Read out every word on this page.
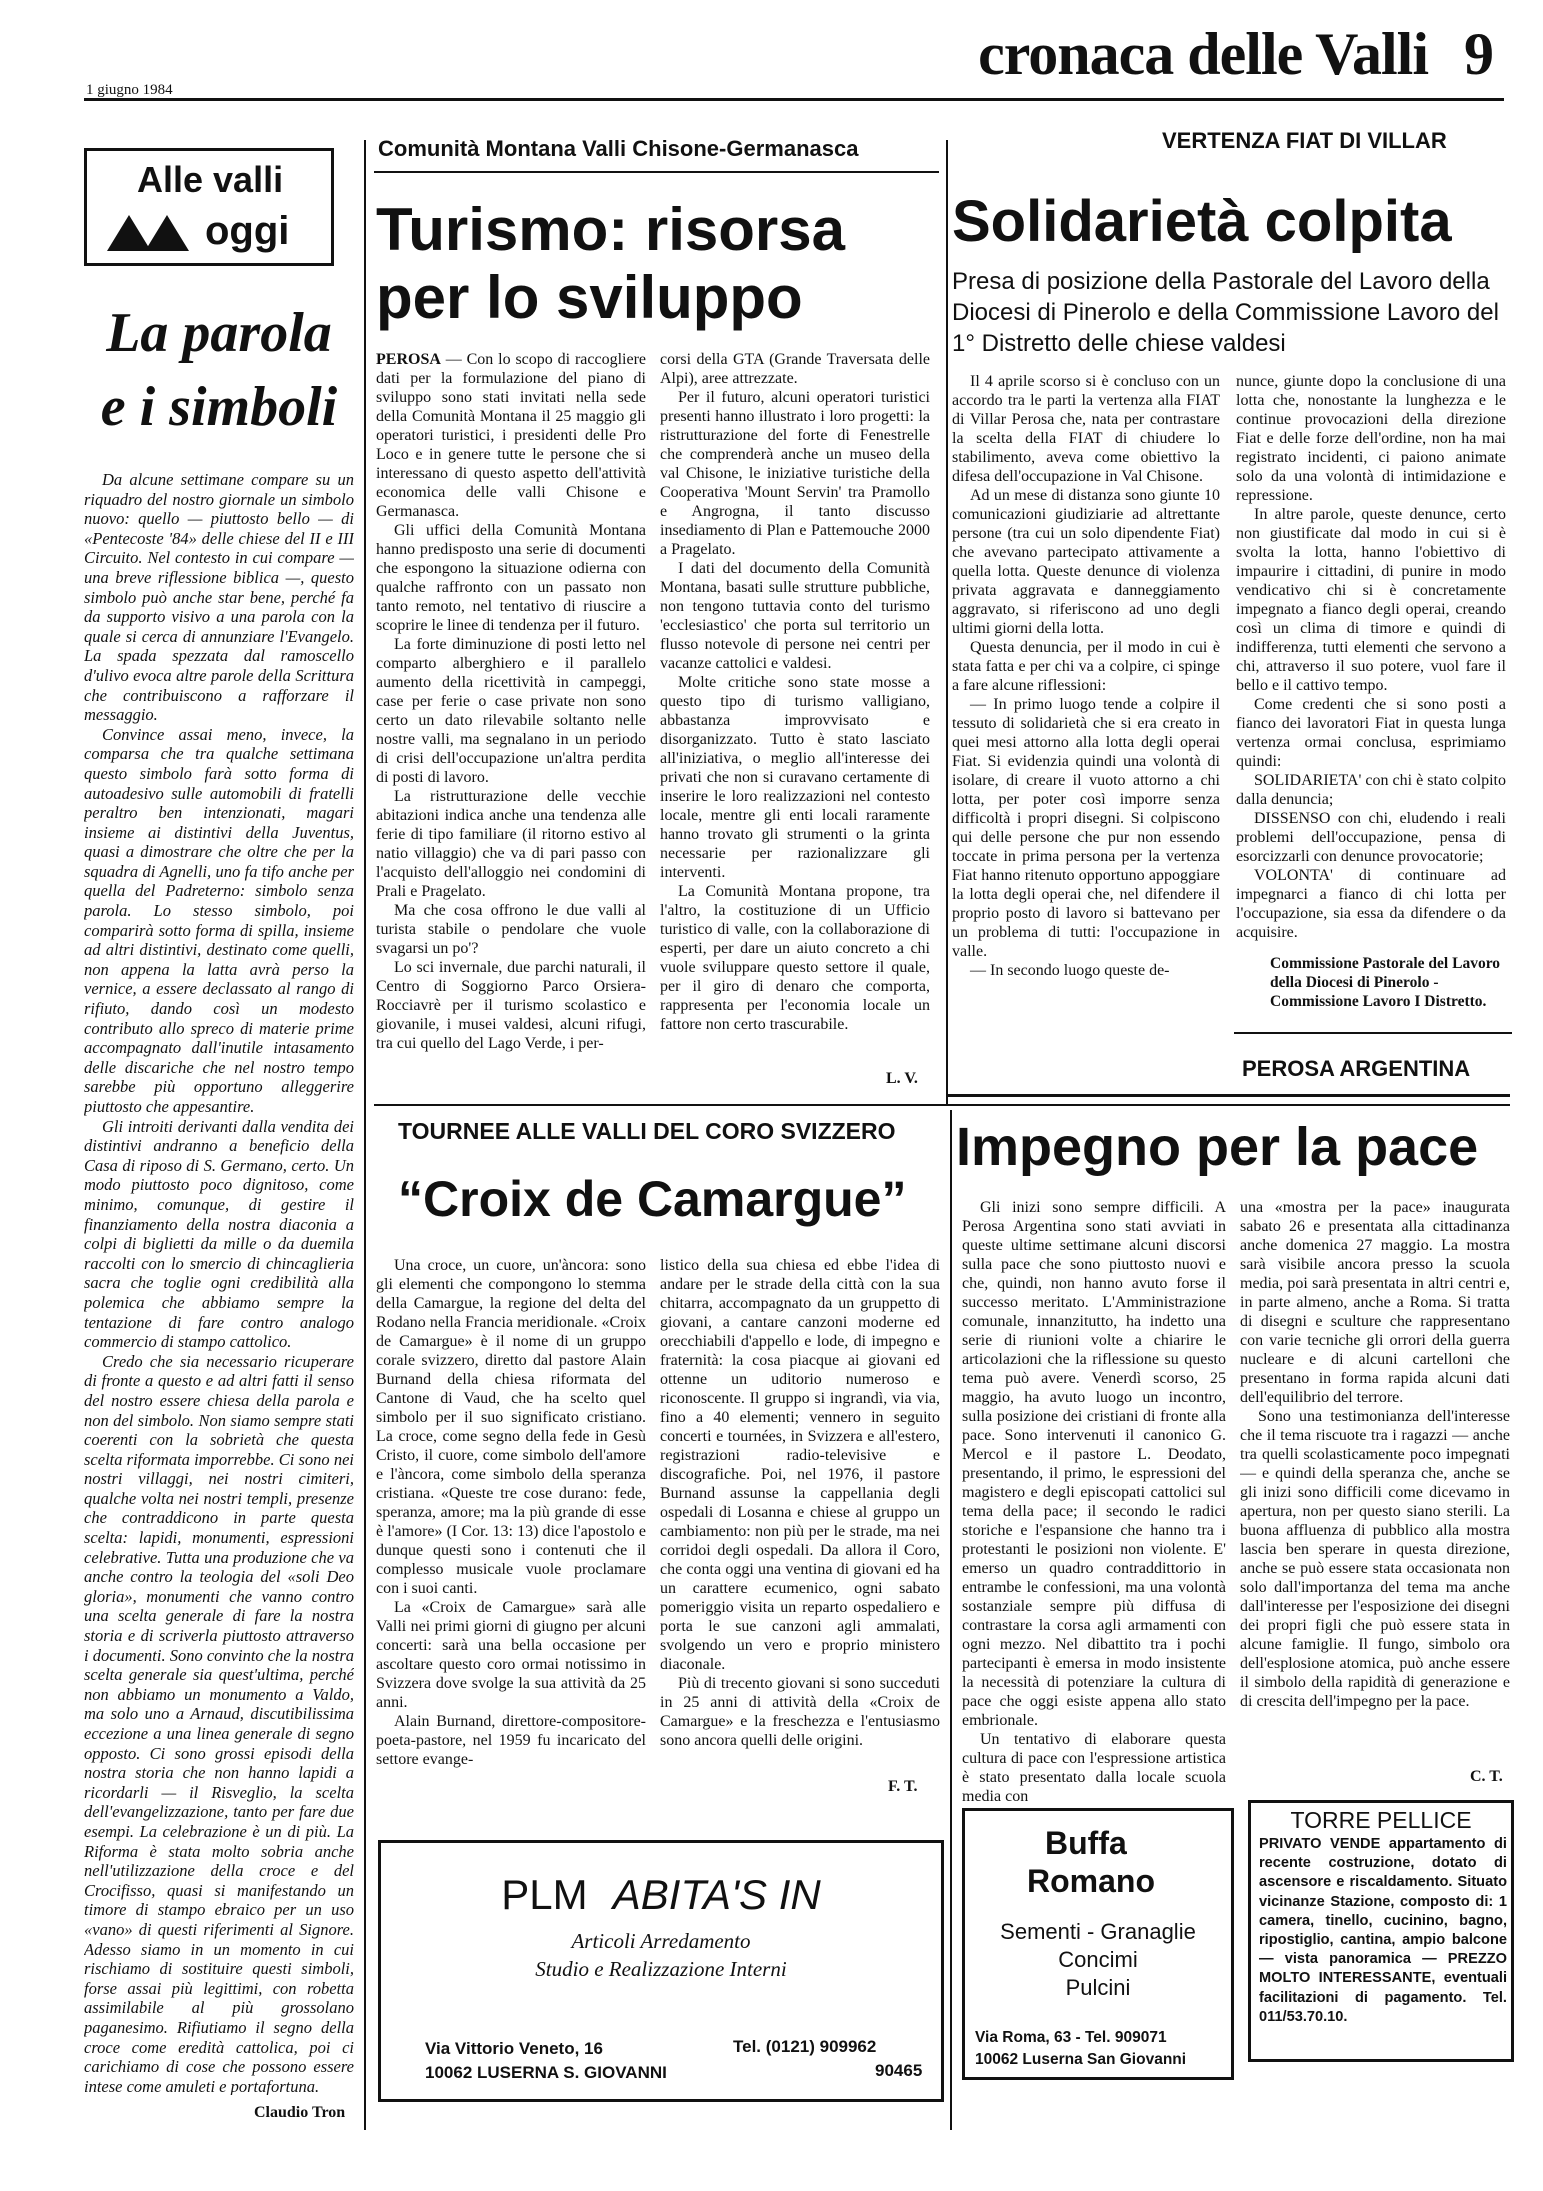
1 giugno 1984
cronaca delle Valli 9
Alle valli
oggi
La parola
e i simboli

Da alcune settimane compare su un riquadro del nostro giornale un simbolo nuovo: quello — piuttosto bello — di «Pentecoste '84» delle chiese del II e III Circuito. Nel contesto in cui compare — una breve riflessione biblica —, questo simbolo può anche star bene, perché fa da supporto visivo a una parola con la quale si cerca di annunziare l'Evangelo. La spada spezzata dal ramoscello d'ulivo evoca altre parole della Scrittura che contribuiscono a rafforzare il messaggio.

Convince assai meno, invece, la comparsa che tra qualche settimana questo simbolo farà sotto forma di autoadesivo sulle automobili di fratelli peraltro ben intenzionati, magari insieme ai distintivi della Juventus, quasi a dimostrare che oltre che per la squadra di Agnelli, uno fa tifo anche per quella del Padreterno: simbolo senza parola. Lo stesso simbolo, poi comparirà sotto forma di spilla, insieme ad altri distintivi, destinato come quelli, non appena la latta avrà perso la vernice, a essere declassato al rango di rifiuto, dando così un modesto contributo allo spreco di materie prime accompagnato dall'inutile intasamento delle discariche che nel nostro tempo sarebbe più opportuno alleggerire piuttosto che appesantire.

Gli introiti derivanti dalla vendita dei distintivi andranno a beneficio della Casa di riposo di S. Germano, certo. Un modo piuttosto poco dignitoso, come minimo, comunque, di gestire il finanziamento della nostra diaconia a colpi di biglietti da mille o da duemila raccolti con lo smercio di chincaglieria sacra che toglie ogni credibilità alla polemica che abbiamo sempre la tentazione di fare contro analogo commercio di stampo cattolico.

Credo che sia necessario ricuperare di fronte a questo e ad altri fatti il senso del nostro essere chiesa della parola e non del simbolo. Non siamo sempre stati coerenti con la sobrietà che questa scelta riformata imporrebbe. Ci sono nei nostri villaggi, nei nostri cimiteri, qualche volta nei nostri templi, presenze che contraddicono in parte questa scelta: lapidi, monumenti, espressioni celebrative. Tutta una produzione che va anche contro la teologia del «soli Deo gloria», monumenti che vanno contro una scelta generale di fare la nostra storia e di scriverla piuttosto attraverso i documenti. Sono convinto che la nostra scelta generale sia quest'ultima, perché non abbiamo un monumento a Valdo, ma solo uno a Arnaud, discutibilissima eccezione a una linea generale di segno opposto. Ci sono grossi episodi della nostra storia che non hanno lapidi a ricordarli — il Risveglio, la scelta dell'evangelizzazione, tanto per fare due esempi. La celebrazione è un di più. La Riforma è stata molto sobria anche nell'utilizzazione della croce e del Crocifisso, quasi si manifestando un timore di stampo ebraico per un uso «vano» di questi riferimenti al Signore. Adesso siamo in un momento in cui rischiamo di sostituire questi simboli, forse assai più legittimi, con robetta assimilabile al più grossolano paganesimo. Rifiutiamo il segno della croce come eredità cattolica, poi ci carichiamo di cose che possono essere intese come amuleti e portafortuna.

Claudio Tron
Comunità Montana Valli Chisone-Germanasca
Turismo: risorsa
per lo sviluppo

PEROSA — Con lo scopo di raccogliere dati per la formulazione del piano di sviluppo sono stati invitati nella sede della Comunità Montana il 25 maggio gli operatori turistici, i presidenti delle Pro Loco e in genere tutte le persone che si interessano di questo aspetto dell'attività economica delle valli Chisone e Germanasca.

Gli uffici della Comunità Montana hanno predisposto una serie di documenti che espongono la situazione odierna con qualche raffronto con un passato non tanto remoto, nel tentativo di riuscire a scoprire le linee di tendenza per il futuro.

La forte diminuzione di posti letto nel comparto alberghiero e il parallelo aumento della ricettività in campeggi, case per ferie o case private non sono certo un dato rilevabile soltanto nelle nostre valli, ma segnalano in un periodo di crisi dell'occupazione un'altra perdita di posti di lavoro.

La ristrutturazione delle vecchie abitazioni indica anche una tendenza alle ferie di tipo familiare (il ritorno estivo al natio villaggio) che va di pari passo con l'acquisto dell'alloggio nei condomini di Prali e Pragelato.

Ma che cosa offrono le due valli al turista stabile o pendolare che vuole svagarsi un po'?

Lo sci invernale, due parchi naturali, il Centro di Soggiorno Parco Orsiera-Rocciavrè per il turismo scolastico e giovanile, i musei valdesi, alcuni rifugi, tra cui quello del Lago Verde, i per-

corsi della GTA (Grande Traversata delle Alpi), aree attrezzate.

Per il futuro, alcuni operatori turistici presenti hanno illustrato i loro progetti: la ristrutturazione del forte di Fenestrelle che comprenderà anche un museo della val Chisone, le iniziative turistiche della Cooperativa 'Mount Servin' tra Pramollo e Angrogna, il tanto discusso insediamento di Plan e Pattemouche 2000 a Pragelato.

I dati del documento della Comunità Montana, basati sulle strutture pubbliche, non tengono tuttavia conto del turismo 'ecclesiastico' che porta sul territorio un flusso notevole di persone nei centri per vacanze cattolici e valdesi.

Molte critiche sono state mosse a questo tipo di turismo valligiano, abbastanza improvvisato e disorganizzato. Tutto è stato lasciato all'iniziativa, o meglio all'interesse dei privati che non si curavano certamente di inserire le loro realizzazioni nel contesto locale, mentre gli enti locali raramente hanno trovato gli strumenti o la grinta necessarie per razionalizzare gli interventi.

La Comunità Montana propone, tra l'altro, la costituzione di un Ufficio turistico di valle, con la collaborazione di esperti, per dare un aiuto concreto a chi vuole sviluppare questo settore il quale, per il giro di denaro che comporta, rappresenta per l'economia locale un fattore non certo trascurabile.

L. V.
VERTENZA FIAT DI VILLAR
Solidarietà colpita
Presa di posizione della Pastorale del Lavoro della Diocesi di Pinerolo e della Commissione Lavoro del 1° Distretto delle chiese valdesi

Il 4 aprile scorso si è concluso con un accordo tra le parti la vertenza alla FIAT di Villar Perosa che, nata per contrastare la scelta della FIAT di chiudere lo stabilimento, aveva come obiettivo la difesa dell'occupazione in Val Chisone.

Ad un mese di distanza sono giunte 10 comunicazioni giudiziarie ad altrettante persone (tra cui un solo dipendente Fiat) che avevano partecipato attivamente a quella lotta. Queste denunce di violenza privata aggravata e danneggiamento aggravato, si riferiscono ad uno degli ultimi giorni della lotta.

Questa denuncia, per il modo in cui è stata fatta e per chi va a colpire, ci spinge a fare alcune riflessioni:

— In primo luogo tende a colpire il tessuto di solidarietà che si era creato in quei mesi attorno alla lotta degli operai Fiat. Si evidenzia quindi una volontà di isolare, di creare il vuoto attorno a chi lotta, per poter così imporre senza difficoltà i propri disegni. Si colpiscono qui delle persone che pur non essendo toccate in prima persona per la vertenza Fiat hanno ritenuto opportuno appoggiare la lotta degli operai che, nel difendere il proprio posto di lavoro si battevano per un problema di tutti: l'occupazione in valle.

— In secondo luogo queste de-

nunce, giunte dopo la conclusione di una lotta che, nonostante la lunghezza e le continue provocazioni della direzione Fiat e delle forze dell'ordine, non ha mai registrato incidenti, ci paiono animate solo da una volontà di intimidazione e repressione.

In altre parole, queste denunce, certo non giustificate dal modo in cui si è svolta la lotta, hanno l'obiettivo di impaurire i cittadini, di punire in modo vendicativo chi si è concretamente impegnato a fianco degli operai, creando così un clima di timore e quindi di indifferenza, tutti elementi che servono a chi, attraverso il suo potere, vuol fare il bello e il cattivo tempo.

Come credenti che si sono posti a fianco dei lavoratori Fiat in questa lunga vertenza ormai conclusa, esprimiamo quindi:

SOLIDARIETA' con chi è stato colpito dalla denuncia;

DISSENSO con chi, eludendo i reali problemi dell'occupazione, pensa di esorcizzarli con denunce provocatorie;

VOLONTA' di continuare ad impegnarci a fianco di chi lotta per l'occupazione, sia essa da difendere o da acquisire.

Commissione Pastorale del Lavoro della Diocesi di Pinerolo - Commissione Lavoro I Distretto.
PEROSA ARGENTINA
TOURNEE ALLE VALLI DEL CORO SVIZZERO
“Croix de Camargue”

Una croce, un cuore, un'àncora: sono gli elementi che compongono lo stemma della Camargue, la regione del delta del Rodano nella Francia meridionale. «Croix de Camargue» è il nome di un gruppo corale svizzero, diretto dal pastore Alain Burnand della chiesa riformata del Cantone di Vaud, che ha scelto quel simbolo per il suo significato cristiano. La croce, come segno della fede in Gesù Cristo, il cuore, come simbolo dell'amore e l'àncora, come simbolo della speranza cristiana. «Queste tre cose durano: fede, speranza, amore; ma la più grande di esse è l'amore» (I Cor. 13: 13) dice l'apostolo e dunque questi sono i contenuti che il complesso musicale vuole proclamare con i suoi canti.

La «Croix de Camargue» sarà alle Valli nei primi giorni di giugno per alcuni concerti: sarà una bella occasione per ascoltare questo coro ormai notissimo in Svizzera dove svolge la sua attività da 25 anni.

Alain Burnand, direttore-compositore-poeta-pastore, nel 1959 fu incaricato del settore evange-

listico della sua chiesa ed ebbe l'idea di andare per le strade della città con la sua chitarra, accompagnato da un gruppetto di giovani, a cantare canzoni moderne ed orecchiabili d'appello e lode, di impegno e fraternità: la cosa piacque ai giovani ed ottenne un uditorio numeroso e riconoscente. Il gruppo si ingrandì, via via, fino a 40 elementi; vennero in seguito concerti e tournées, in Svizzera e all'estero, registrazioni radio-televisive e discografiche. Poi, nel 1976, il pastore Burnand assunse la cappellania degli ospedali di Losanna e chiese al gruppo un cambiamento: non più per le strade, ma nei corridoi degli ospedali. Da allora il Coro, che conta oggi una ventina di giovani ed ha un carattere ecumenico, ogni sabato pomeriggio visita un reparto ospedaliero e porta le sue canzoni agli ammalati, svolgendo un vero e proprio ministero diaconale.

Più di trecento giovani si sono succeduti in 25 anni di attività della «Croix de Camargue» e la freschezza e l'entusiasmo sono ancora quelli delle origini.

F. T.
Impegno per la pace

Gli inizi sono sempre difficili. A Perosa Argentina sono stati avviati in queste ultime settimane alcuni discorsi sulla pace che sono piuttosto nuovi e che, quindi, non hanno avuto forse il successo meritato. L'Amministrazione comunale, innanzitutto, ha indetto una serie di riunioni volte a chiarire le articolazioni che la riflessione su questo tema può avere. Venerdì scorso, 25 maggio, ha avuto luogo un incontro, sulla posizione dei cristiani di fronte alla pace. Sono intervenuti il canonico G. Mercol e il pastore L. Deodato, presentando, il primo, le espressioni del magistero e degli episcopati cattolici sul tema della pace; il secondo le radici storiche e l'espansione che hanno tra i protestanti le posizioni non violente. E' emerso un quadro contraddittorio in entrambe le confessioni, ma una volontà sostanziale sempre più diffusa di contrastare la corsa agli armamenti con ogni mezzo. Nel dibattito tra i pochi partecipanti è emersa in modo insistente la necessità di potenziare la cultura di pace che oggi esiste appena allo stato embrionale.

Un tentativo di elaborare questa cultura di pace con l'espressione artistica è stato presentato dalla locale scuola media con

una «mostra per la pace» inaugurata sabato 26 e presentata alla cittadinanza anche domenica 27 maggio. La mostra sarà visibile ancora presso la scuola media, poi sarà presentata in altri centri e, in parte almeno, anche a Roma. Si tratta di disegni e sculture che rappresentano con varie tecniche gli orrori della guerra nucleare e di alcuni cartelloni che presentano in forma rapida alcuni dati dell'equilibrio del terrore.

Sono una testimonianza dell'interesse che il tema riscuote tra i ragazzi — anche tra quelli scolasticamente poco impegnati — e quindi della speranza che, anche se gli inizi sono difficili come dicevamo in apertura, non per questo siano sterili. La buona affluenza di pubblico alla mostra lascia ben sperare in questa direzione, anche se può essere stata occasionata non solo dall'importanza del tema ma anche dall'interesse per l'esposizione dei disegni dei propri figli che può essere stata in alcune famiglie. Il fungo, simbolo ora dell'esplosione atomica, può anche essere il simbolo della rapidità di generazione e di crescita dell'impegno per la pace.

C. T.
PLM ABITA'S IN
Articoli Arredamento
Studio e Realizzazione Interni
Via Vittorio Veneto, 16
10062 LUSERNA S. GIOVANNI
Tel. (0121) 909962
90465
Buffa
Romano
Sementi - Granaglie
Concimi
Pulcini
Via Roma, 63 - Tel. 909071
10062 Luserna San Giovanni
TORRE PELLICE
PRIVATO VENDE appartamento di recente costruzione, dotato di ascensore e riscaldamento. Situato vicinanze Stazione, composto di: 1 camera, tinello, cucinino, bagno, ripostiglio, cantina, ampio balcone — vista panoramica — PREZZO MOLTO INTERESSANTE, eventuali facilitazioni di pagamento. Tel. 011/53.70.10.
